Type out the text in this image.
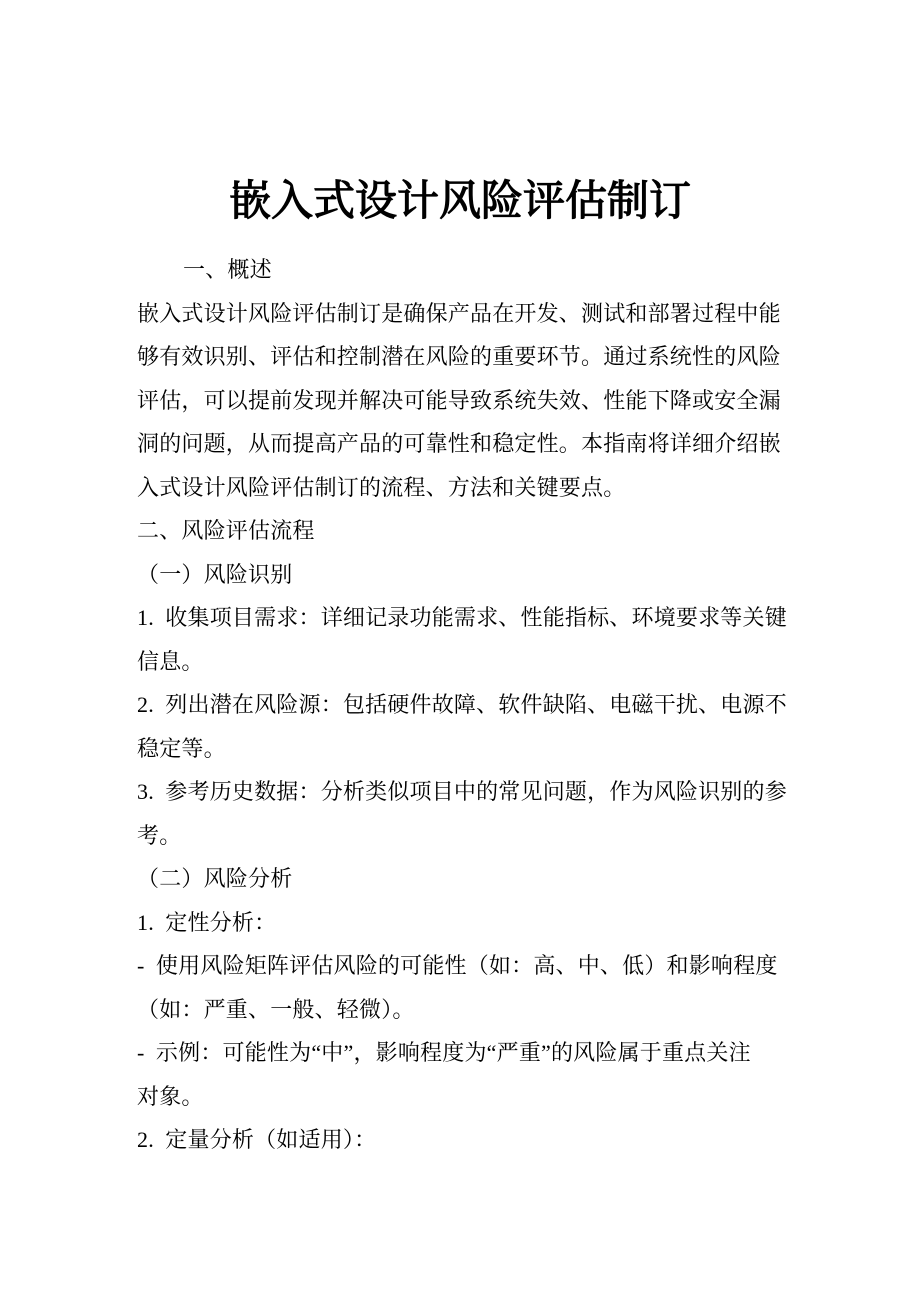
嵌入式设计风险评估制订
一、概述
嵌入式设计风险评估制订是确保产品在开发、测试和部署过程中能
够有效识别、评估和控制潜在风险的重要环节。通过系统性的风险
评估，可以提前发现并解决可能导致系统失效、性能下降或安全漏
洞的问题，从而提高产品的可靠性和稳定性。本指南将详细介绍嵌
入式设计风险评估制订的流程、方法和关键要点。
二、风险评估流程
（一）风险识别
1.  收集项目需求：详细记录功能需求、性能指标、环境要求等关键
信息。
2.  列出潜在风险源：包括硬件故障、软件缺陷、电磁干扰、电源不
稳定等。
3.  参考历史数据：分析类似项目中的常见问题，作为风险识别的参
考。
（二）风险分析
1.  定性分析：
-  使用风险矩阵评估风险的可能性（如：高、中、低）和影响程度
（如：严重、一般、轻微）。
-  示例：可能性为“中”，影响程度为“严重”的风险属于重点关注
对象。
2.  定量分析（如适用）：
